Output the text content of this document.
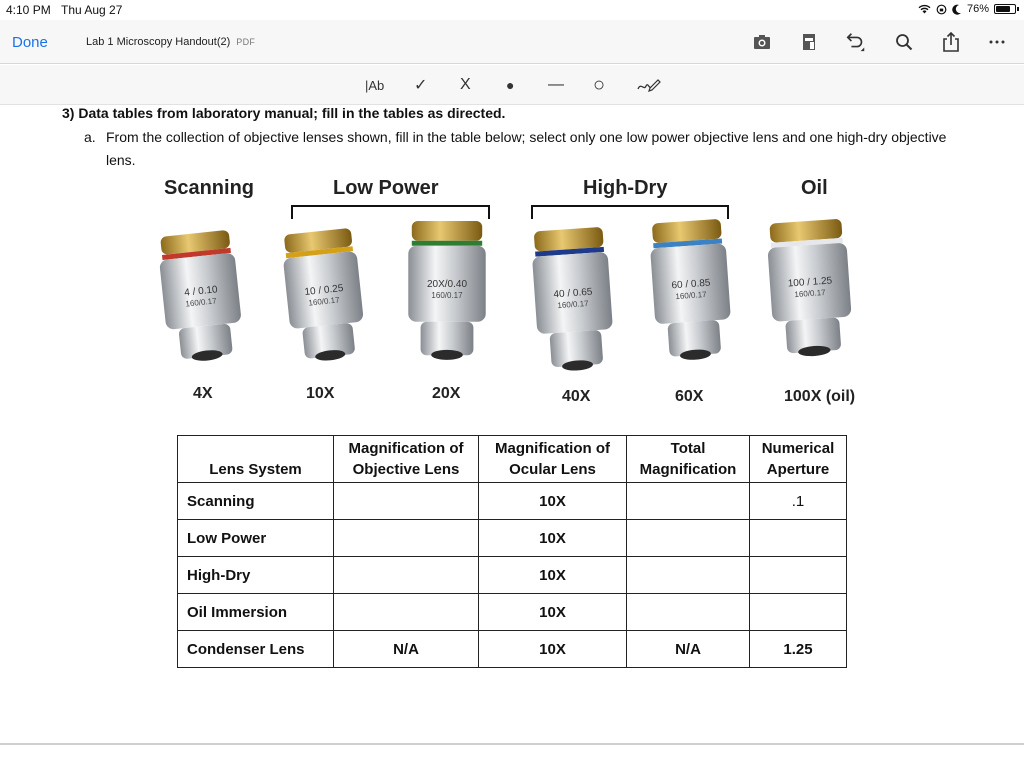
4:10 PM Thu Aug 27	76%
Done	Lab 1 Microscopy Handout(2) PDF
|Ab ✓ X	● — ○
3) Data tables from laboratory manual; fill in the tables as directed.
a. From the collection of objective lenses shown, fill in the table below; select only one low power objective lens and one high-dry objective lens.
Scanning	Low Power	High-Dry	Oil
4 / 0.10
160/0.17
4X
10 / 0.25
160/0.17
10X
20X/0.40
160/0.17
20X
40 / 0.65
160/0.17
40X
60 / 0.85
160/0.17
60X
100 / 1.25
160/0.17
100X (oil)
Lens System	Magnification of Objective Lens	Magnification of Ocular Lens	Total Magnification	Numerical Aperture
Scanning		10X		.1
Low Power		10X		
High-Dry		10X		
Oil Immersion		10X		
Condenser Lens	N/A	10X	N/A	1.25
